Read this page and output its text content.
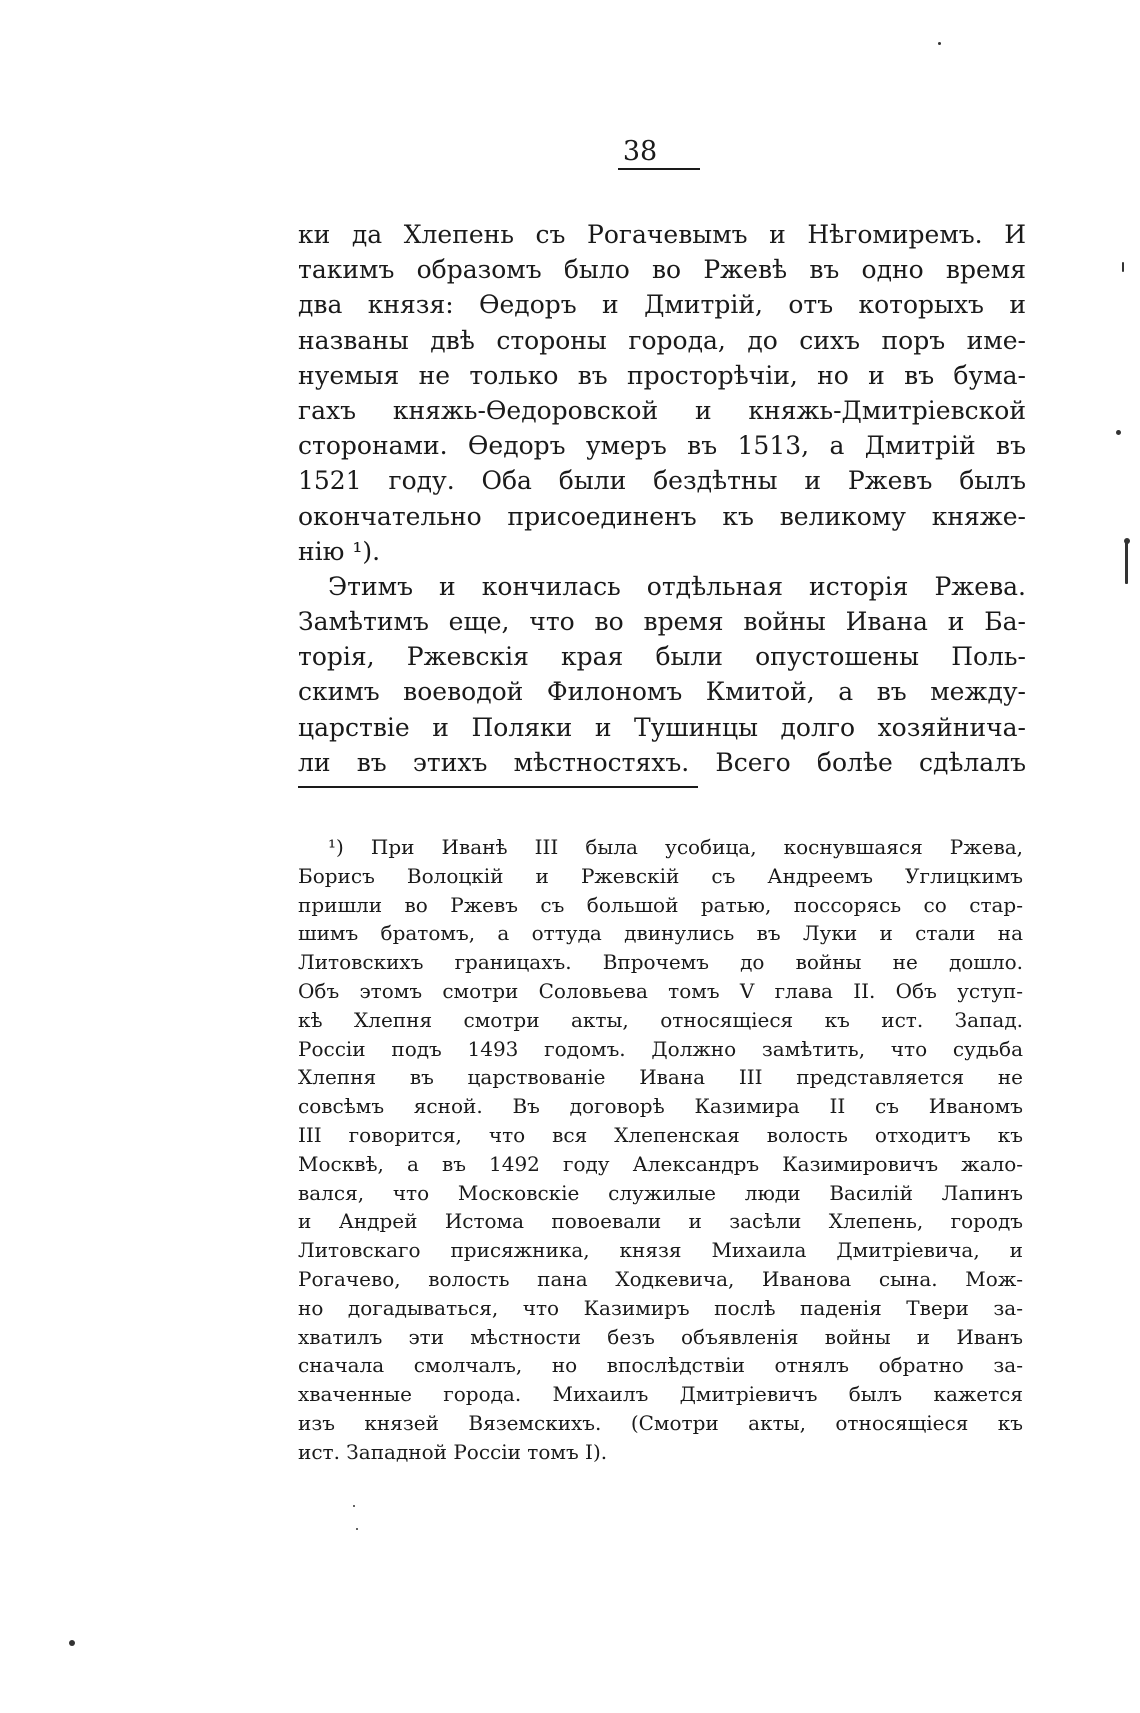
38
ки да Хлепень съ Рогачевымъ и Нѣгомиремъ. И
такимъ образомъ было во Ржевѣ въ одно время
два князя: Өедоръ и Дмитрій, отъ которыхъ и
названы двѣ стороны города, до сихъ поръ име-
нуемыя не только въ просторѣчіи, но и въ бума-
гахъ княжь-Өедоровской и княжь-Дмитріевской
сторонами. Өедоръ умеръ въ 1513, а Дмитрій въ
1521 году. Оба были бездѣтны и Ржевъ былъ
окончательно присоединенъ къ великому княже-
нію ¹).
Этимъ и кончилась отдѣльная исторія Ржева.
Замѣтимъ еще, что во время войны Ивана и Ба-
торія, Ржевскія края были опустошены Поль-
скимъ воеводой Филономъ Кмитой, а въ между-
царствіе и Поляки и Тушинцы долго хозяйнича-
ли въ этихъ мѣстностяхъ. Всего болѣе сдѣлалъ
¹) При Иванѣ III была усобица, коснувшаяся Ржева,
Борисъ Волоцкій и Ржевскій съ Андреемъ Углицкимъ
пришли во Ржевъ съ большой ратью, поссорясь со стар-
шимъ братомъ, а оттуда двинулись въ Луки и стали на
Литовскихъ границахъ. Впрочемъ до войны не дошло.
Объ этомъ смотри Соловьева томъ V глава II. Объ уступ-
кѣ Хлепня смотри акты, относящіеся къ ист. Запад.
Россіи подъ 1493 годомъ. Должно замѣтить, что судьба
Хлепня въ царствованіе Ивана III представляется не
совсѣмъ ясной. Въ договорѣ Казимира II съ Иваномъ
III говорится, что вся Хлепенская волость отходитъ къ
Москвѣ, а въ 1492 году Александръ Казимировичъ жало-
вался, что Московскіе служилые люди Василій Лапинъ
и Андрей Истома повоевали и засѣли Хлепень, городъ
Литовскаго присяжника, князя Михаила Дмитріевича, и
Рогачево, волость пана Ходкевича, Иванова сына. Мож-
но догадываться, что Казимиръ послѣ паденія Твери за-
хватилъ эти мѣстности безъ объявленія войны и Иванъ
сначала смолчалъ, но впослѣдствіи отнялъ обратно за-
хваченные города. Михаилъ Дмитріевичъ былъ кажется
изъ князей Вяземскихъ. (Смотри акты, относящіеся къ
ист. Западной Россіи томъ I).
